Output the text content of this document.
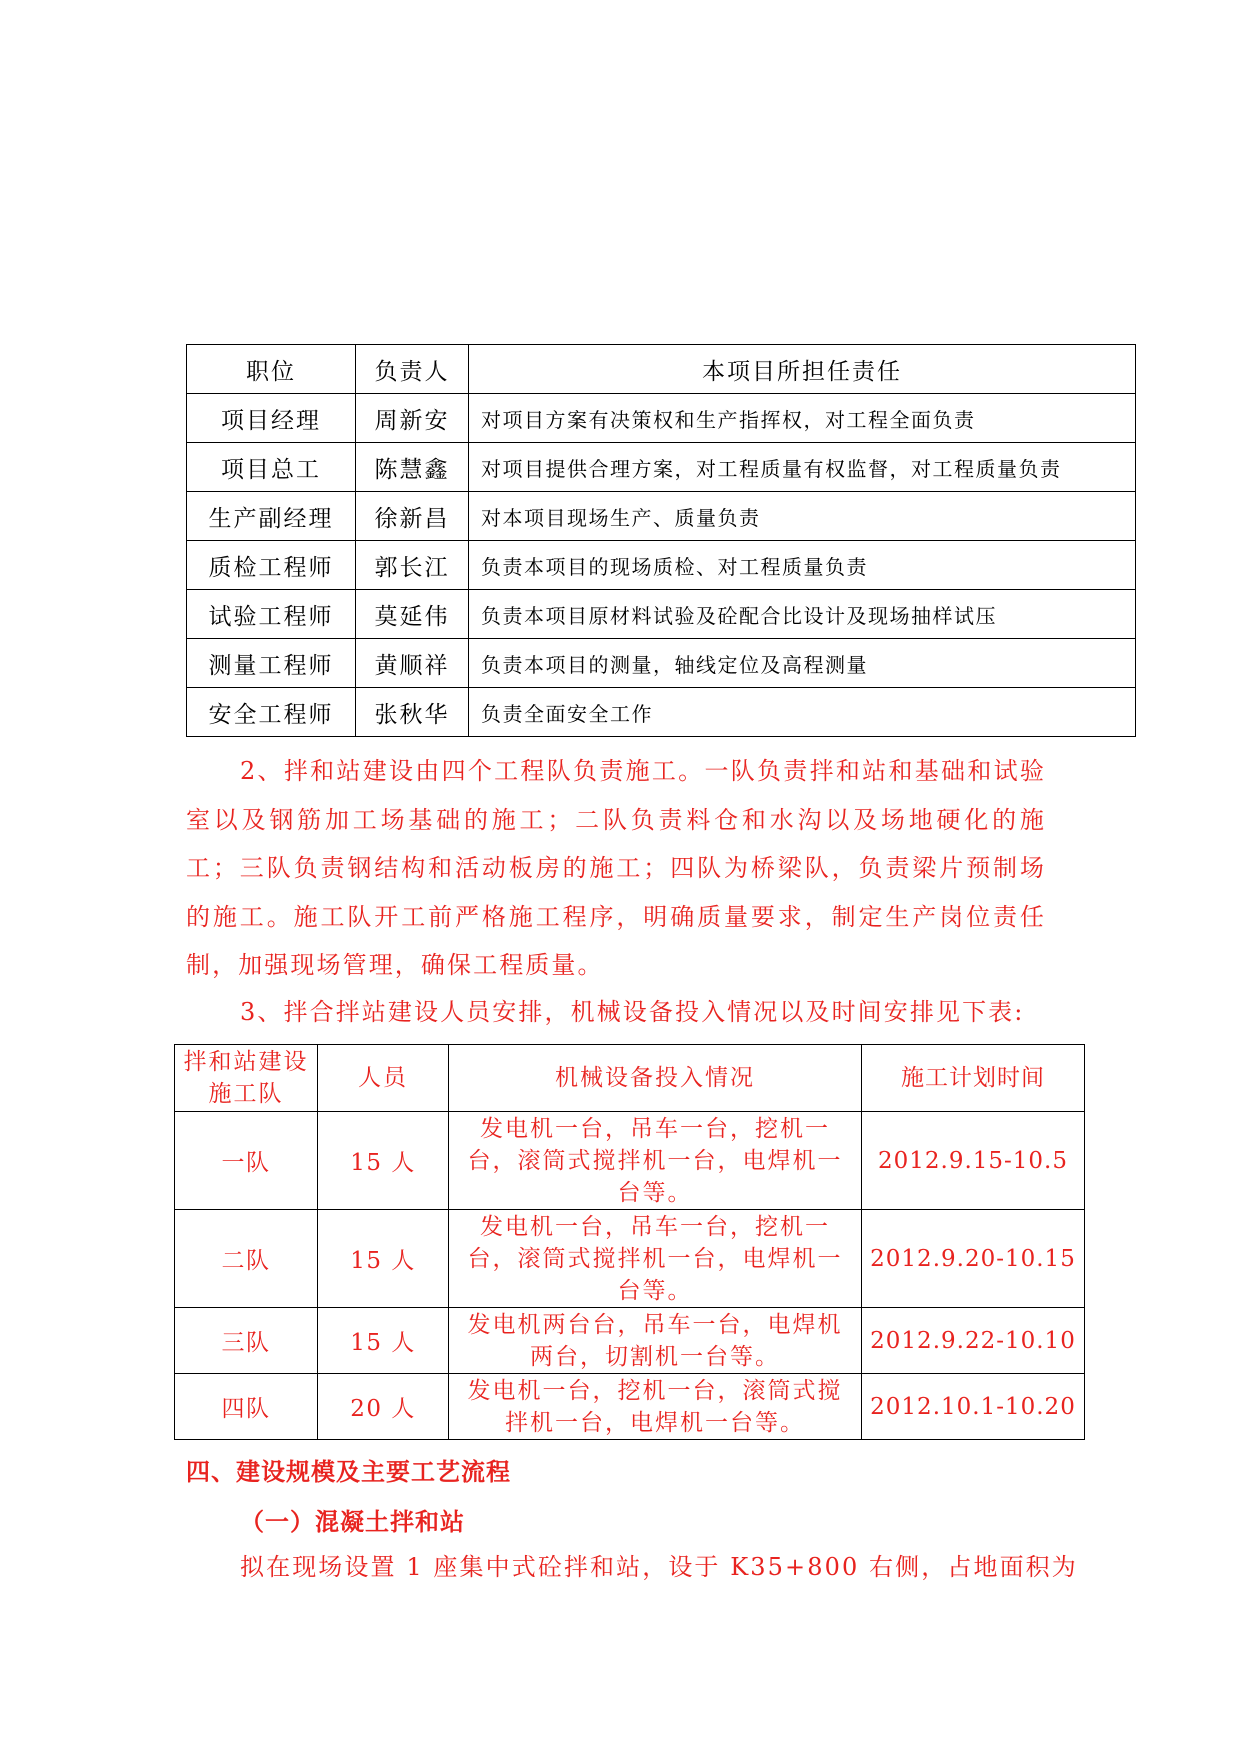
职位	负责人	本项目所担任责任
项目经理	周新安	对项目方案有决策权和生产指挥权，对工程全面负责
项目总工	陈慧鑫	对项目提供合理方案，对工程质量有权监督，对工程质量负责
生产副经理	徐新昌	对本项目现场生产、质量负责
质检工程师	郭长江	负责本项目的现场质检、对工程质量负责
试验工程师	莫延伟	负责本项目原材料试验及砼配合比设计及现场抽样试压
测量工程师	黄顺祥	负责本项目的测量，轴线定位及高程测量
安全工程师	张秋华	负责全面安全工作

2、拌和站建设由四个工程队负责施工。一队负责拌和站和基础和试验室以及钢筋加工场基础的施工；二队负责料仓和水沟以及场地硬化的施工；三队负责钢结构和活动板房的施工；四队为桥梁队，负责梁片预制场的施工。施工队开工前严格施工程序，明确质量要求，制定生产岗位责任制，加强现场管理，确保工程质量。

3、拌合拌站建设人员安排，机械设备投入情况以及时间安排见下表:

拌和站建设施工队	人员	机械设备投入情况	施工计划时间
一队	15 人	发电机一台，吊车一台，挖机一台，滚筒式搅拌机一台，电焊机一台等。	2012.9.15-10.5
二队	15 人	发电机一台，吊车一台，挖机一台，滚筒式搅拌机一台，电焊机一台等。	2012.9.20-10.15
三队	15 人	发电机两台台，吊车一台，电焊机两台，切割机一台等。	2012.9.22-10.10
四队	20 人	发电机一台，挖机一台，滚筒式搅拌机一台，电焊机一台等。	2012.10.1-10.20
四、建设规模及主要工艺流程
（一）混凝土拌和站

拟在现场设置 1 座集中式砼拌和站，设于 K35+800 右侧，占地面积为
